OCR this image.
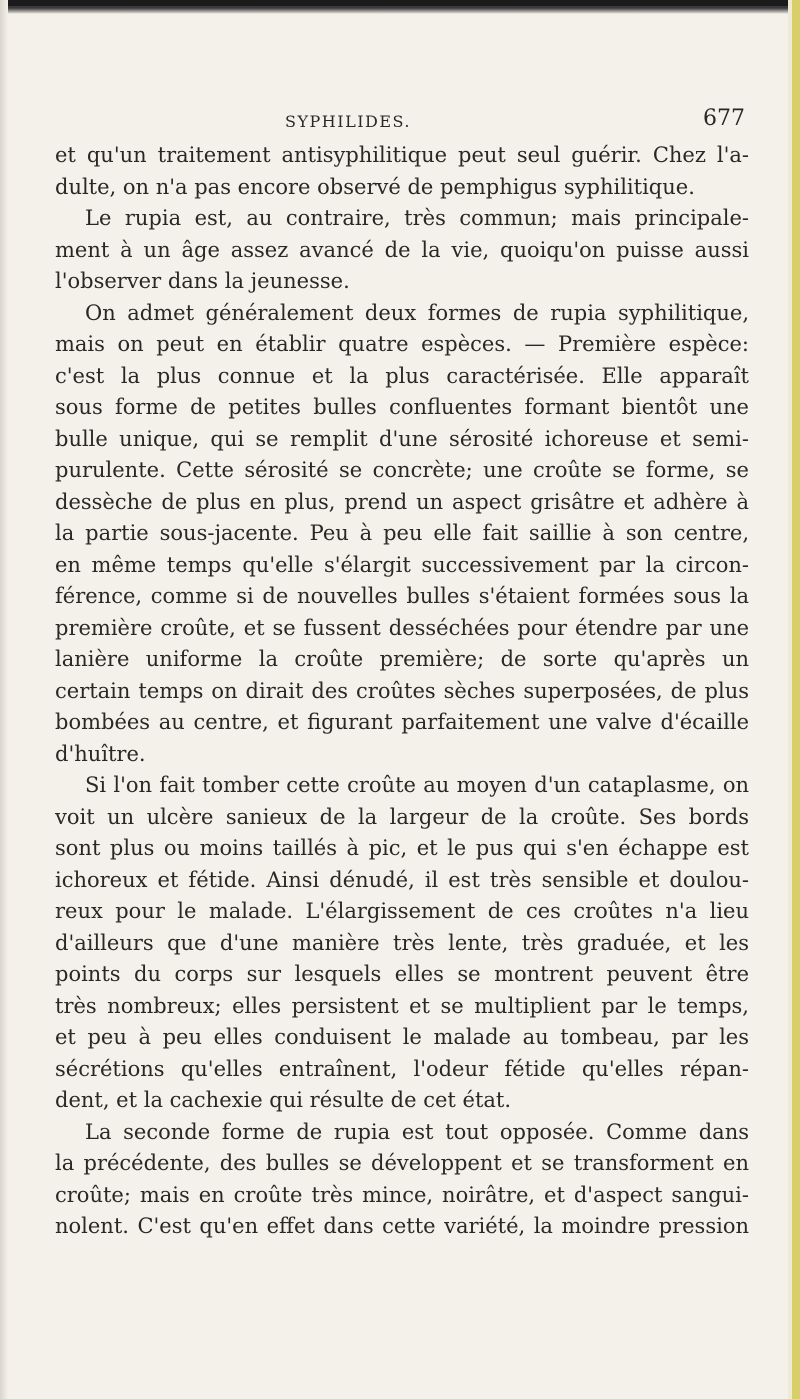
SYPHILIDES.	677
et qu'un traitement antisyphilitique peut seul guérir. Chez l'a-
dulte, on n'a pas encore observé de pemphigus syphilitique.
Le rupia est, au contraire, très commun; mais principale-
ment à un âge assez avancé de la vie, quoiqu'on puisse aussi
l'observer dans la jeunesse.
On admet généralement deux formes de rupia syphilitique,
mais on peut en établir quatre espèces. — Première espèce:
c'est la plus connue et la plus caractérisée. Elle apparaît
sous forme de petites bulles confluentes formant bientôt une
bulle unique, qui se remplit d'une sérosité ichoreuse et semi-
purulente. Cette sérosité se concrète; une croûte se forme, se
dessèche de plus en plus, prend un aspect grisâtre et adhère à
la partie sous-jacente. Peu à peu elle fait saillie à son centre,
en même temps qu'elle s'élargit successivement par la circon-
férence, comme si de nouvelles bulles s'étaient formées sous la
première croûte, et se fussent desséchées pour étendre par une
lanière uniforme la croûte première; de sorte qu'après un
certain temps on dirait des croûtes sèches superposées, de plus
bombées au centre, et figurant parfaitement une valve d'écaille
d'huître.
Si l'on fait tomber cette croûte au moyen d'un cataplasme, on
voit un ulcère sanieux de la largeur de la croûte. Ses bords
sont plus ou moins taillés à pic, et le pus qui s'en échappe est
ichoreux et fétide. Ainsi dénudé, il est très sensible et doulou-
reux pour le malade. L'élargissement de ces croûtes n'a lieu
d'ailleurs que d'une manière très lente, très graduée, et les
points du corps sur lesquels elles se montrent peuvent être
très nombreux; elles persistent et se multiplient par le temps,
et peu à peu elles conduisent le malade au tombeau, par les
sécrétions qu'elles entraînent, l'odeur fétide qu'elles répan-
dent, et la cachexie qui résulte de cet état.
La seconde forme de rupia est tout opposée. Comme dans
la précédente, des bulles se développent et se transforment en
croûte; mais en croûte très mince, noirâtre, et d'aspect sangui-
nolent. C'est qu'en effet dans cette variété, la moindre pression
